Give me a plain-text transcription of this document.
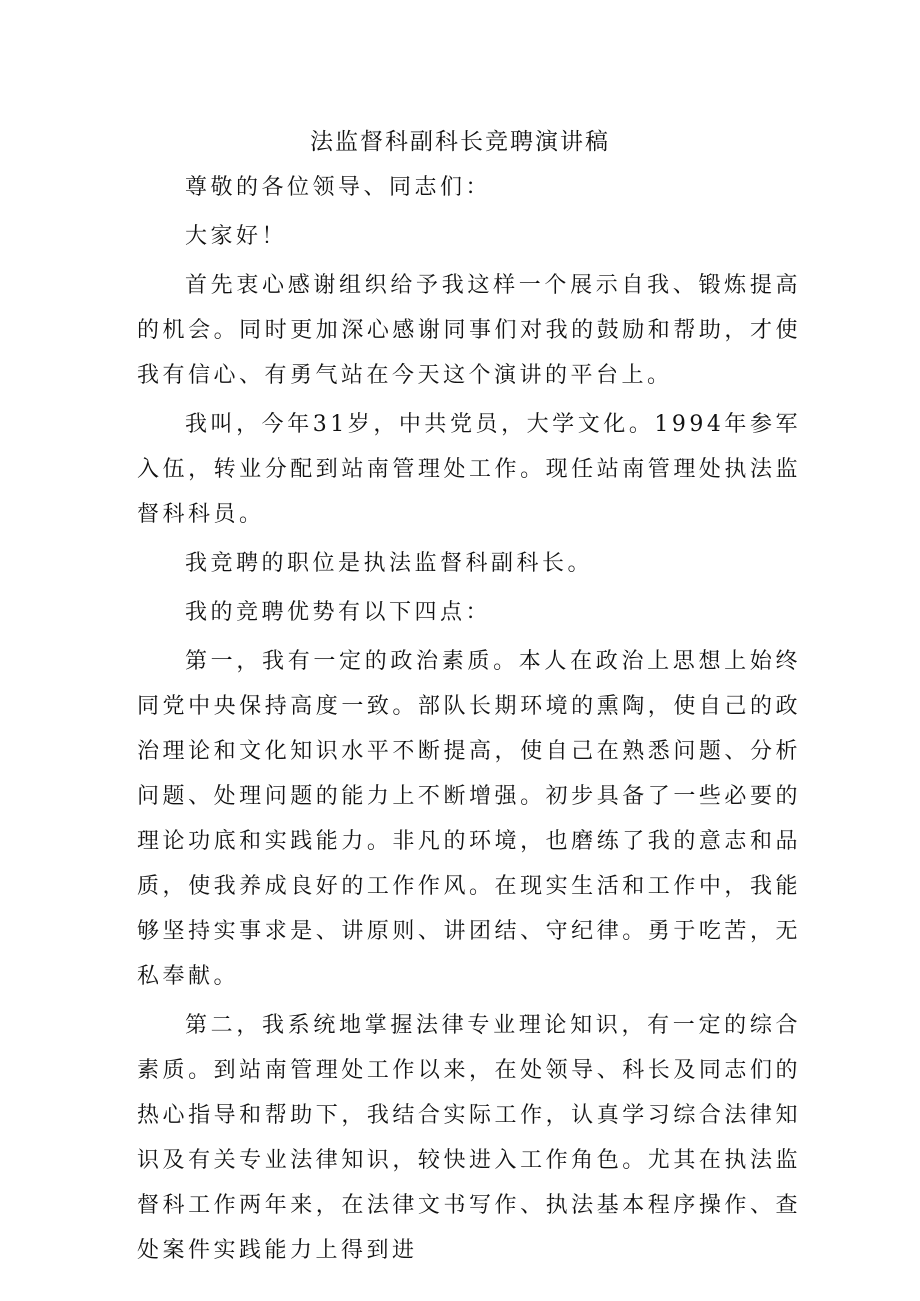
法监督科副科长竞聘演讲稿

尊敬的各位领导、同志们：

大家好！

首先衷心感谢组织给予我这样一个展示自我、锻炼提高的机会。同时更加深心感谢同事们对我的鼓励和帮助，才使我有信心、有勇气站在今天这个演讲的平台上。

我叫，今年31岁，中共党员，大学文化。1994年参军入伍，转业分配到站南管理处工作。现任站南管理处执法监督科科员。

我竞聘的职位是执法监督科副科长。

我的竞聘优势有以下四点：

第一，我有一定的政治素质。本人在政治上思想上始终同党中央保持高度一致。部队长期环境的熏陶，使自己的政治理论和文化知识水平不断提高，使自己在熟悉问题、分析问题、处理问题的能力上不断增强。初步具备了一些必要的理论功底和实践能力。非凡的环境，也磨练了我的意志和品质，使我养成良好的工作作风。在现实生活和工作中，我能够坚持实事求是、讲原则、讲团结、守纪律。勇于吃苦，无私奉献。

第二，我系统地掌握法律专业理论知识，有一定的综合素质。到站南管理处工作以来，在处领导、科长及同志们的热心指导和帮助下，我结合实际工作，认真学习综合法律知识及有关专业法律知识，较快进入工作角色。尤其在执法监督科工作两年来，在法律文书写作、执法基本程序操作、查处案件实践能力上得到进
